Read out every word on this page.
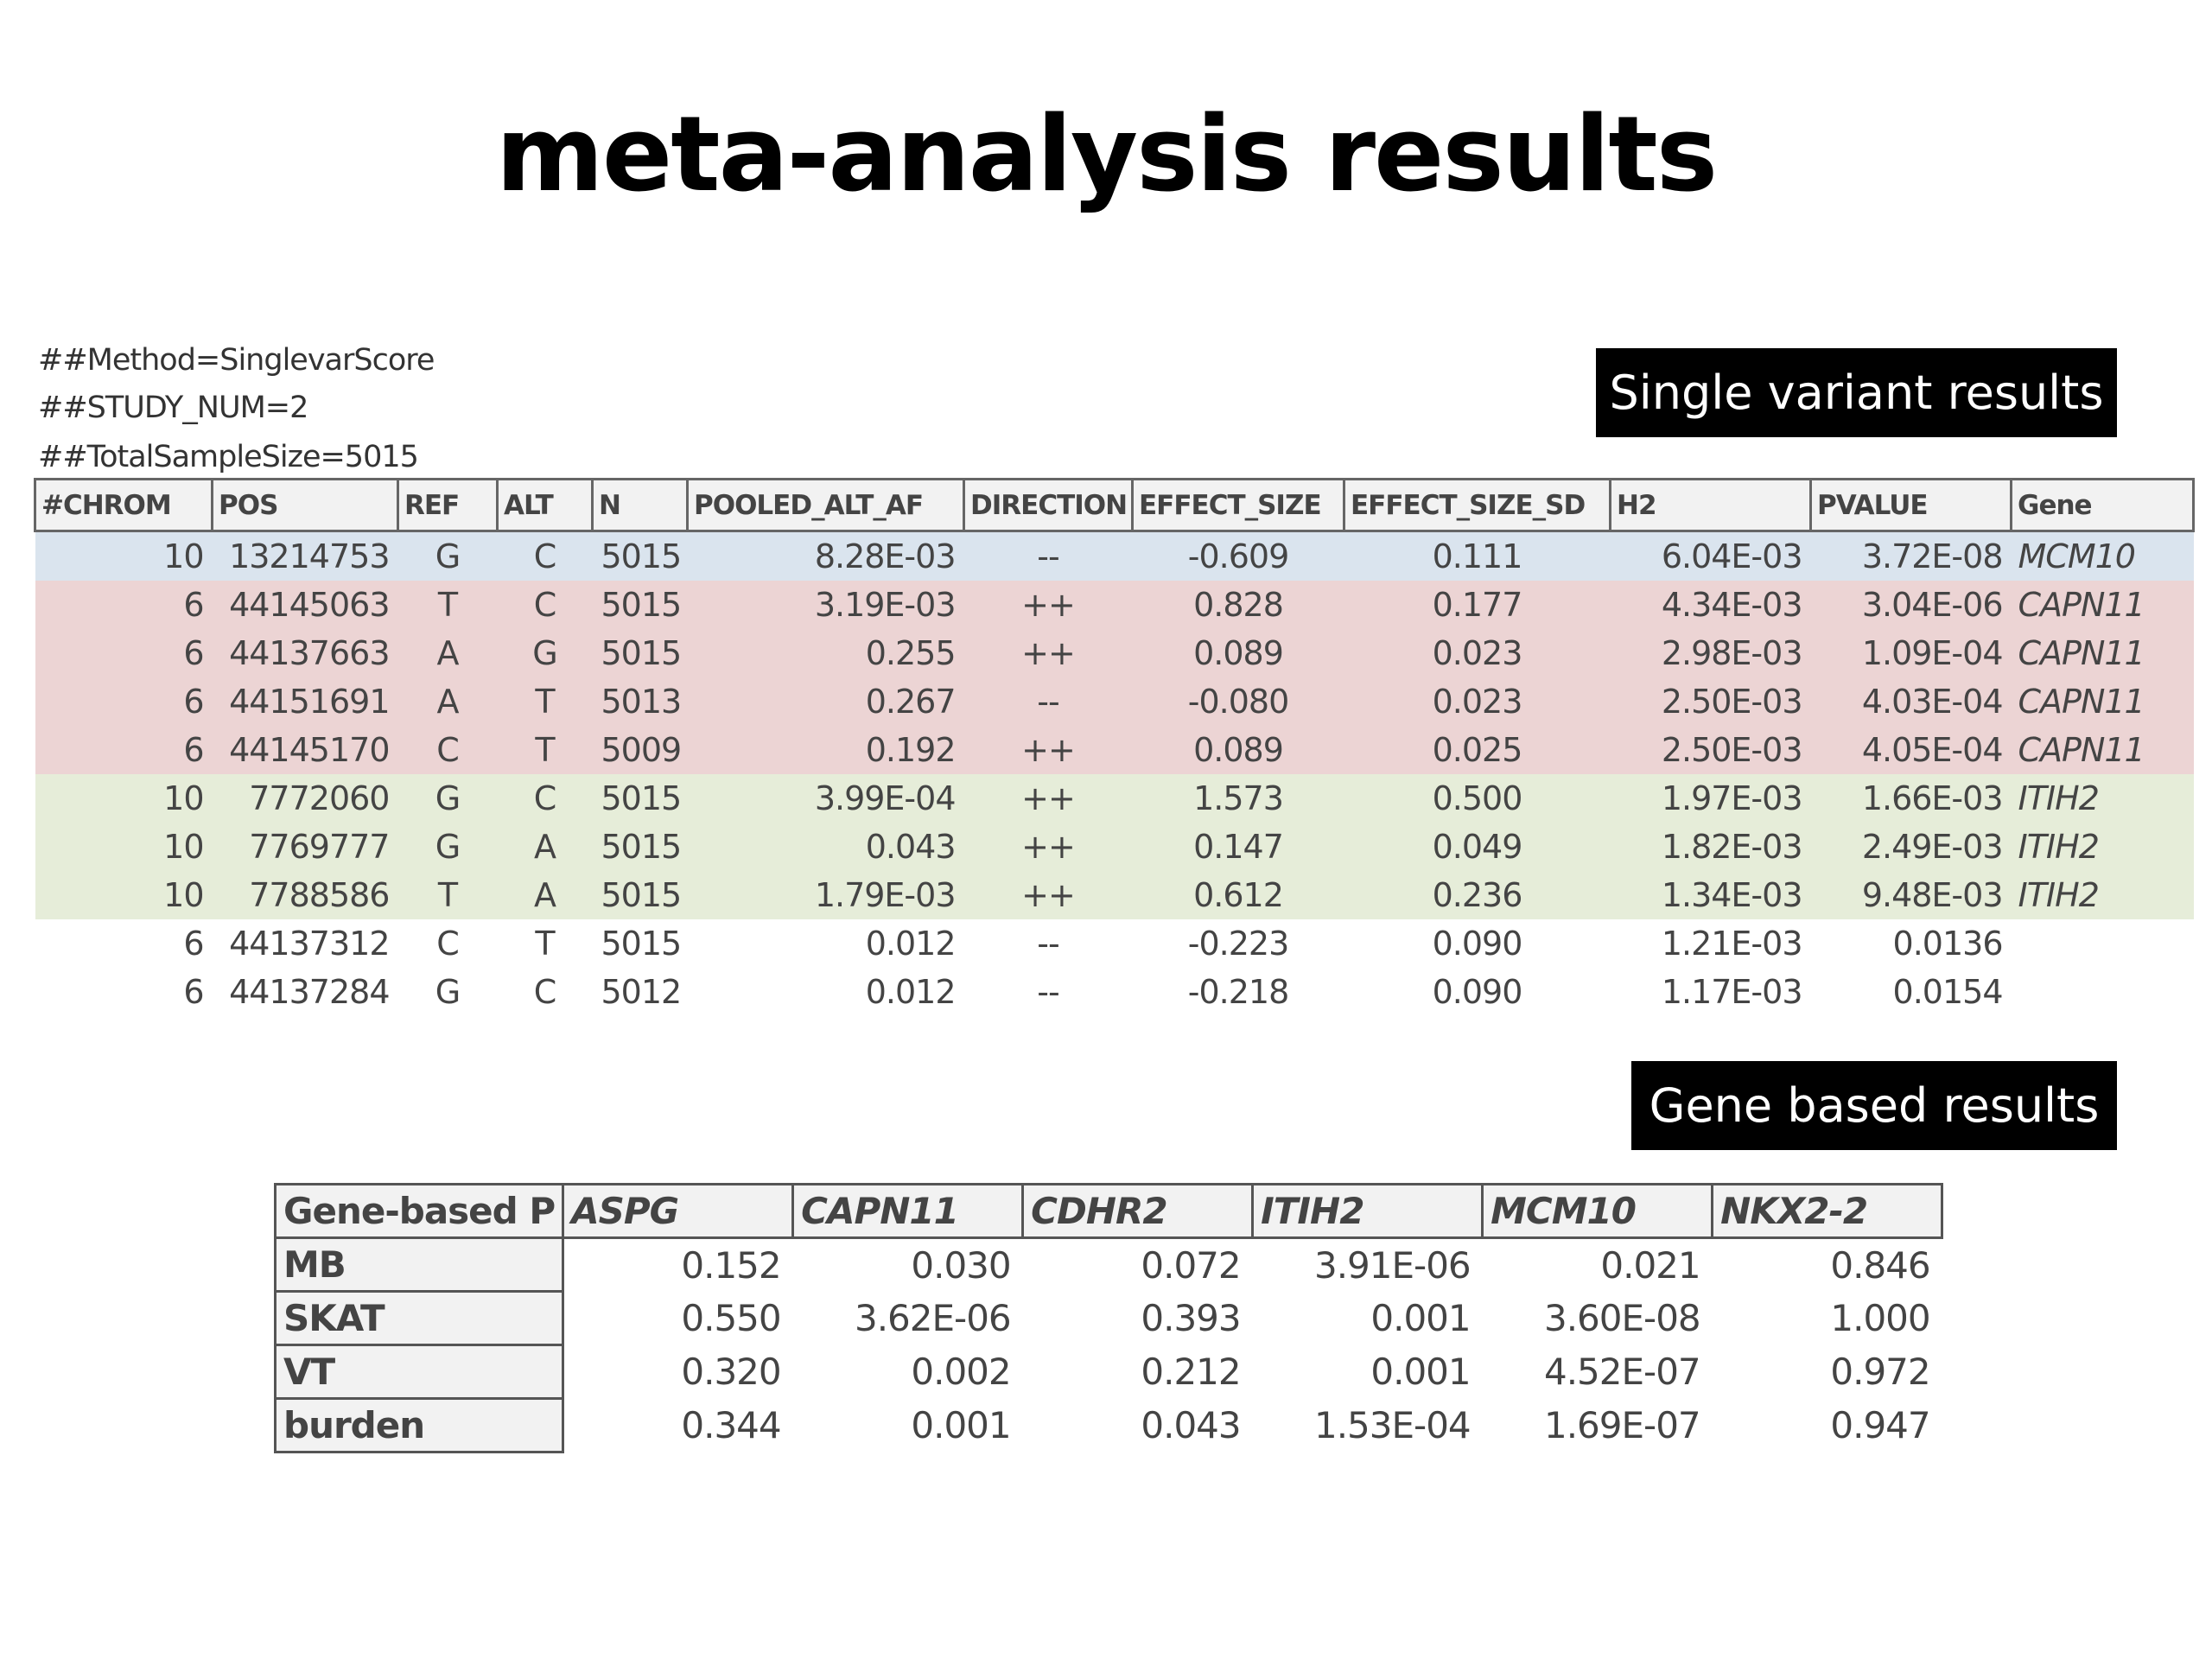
meta-analysis results
##Method=SinglevarScore
##STUDY_NUM=2
##TotalSampleSize=5015
Single variant results
#CHROM	POS	REF	ALT	N	POOLED_ALT_AF	DIRECTION	EFFECT_SIZE	EFFECT_SIZE_SD	H2	PVALUE	Gene
10	13214753	G	C	5015	8.28E-03	--	-0.609	0.111	6.04E-03	3.72E-08	MCM10
6	44145063	T	C	5015	3.19E-03	++	0.828	0.177	4.34E-03	3.04E-06	CAPN11
6	44137663	A	G	5015	0.255	++	0.089	0.023	2.98E-03	1.09E-04	CAPN11
6	44151691	A	T	5013	0.267	--	-0.080	0.023	2.50E-03	4.03E-04	CAPN11
6	44145170	C	T	5009	0.192	++	0.089	0.025	2.50E-03	4.05E-04	CAPN11
10	7772060	G	C	5015	3.99E-04	++	1.573	0.500	1.97E-03	1.66E-03	ITIH2
10	7769777	G	A	5015	0.043	++	0.147	0.049	1.82E-03	2.49E-03	ITIH2
10	7788586	T	A	5015	1.79E-03	++	0.612	0.236	1.34E-03	9.48E-03	ITIH2
6	44137312	C	T	5015	0.012	--	-0.223	0.090	1.21E-03	0.0136	
6	44137284	G	C	5012	0.012	--	-0.218	0.090	1.17E-03	0.0154	
Gene based results
Gene-based P	ASPG	CAPN11	CDHR2	ITIH2	MCM10	NKX2-2
MB	0.152	0.030	0.072	3.91E-06	0.021	0.846
SKAT	0.550	3.62E-06	0.393	0.001	3.60E-08	1.000
VT	0.320	0.002	0.212	0.001	4.52E-07	0.972
burden	0.344	0.001	0.043	1.53E-04	1.69E-07	0.947
